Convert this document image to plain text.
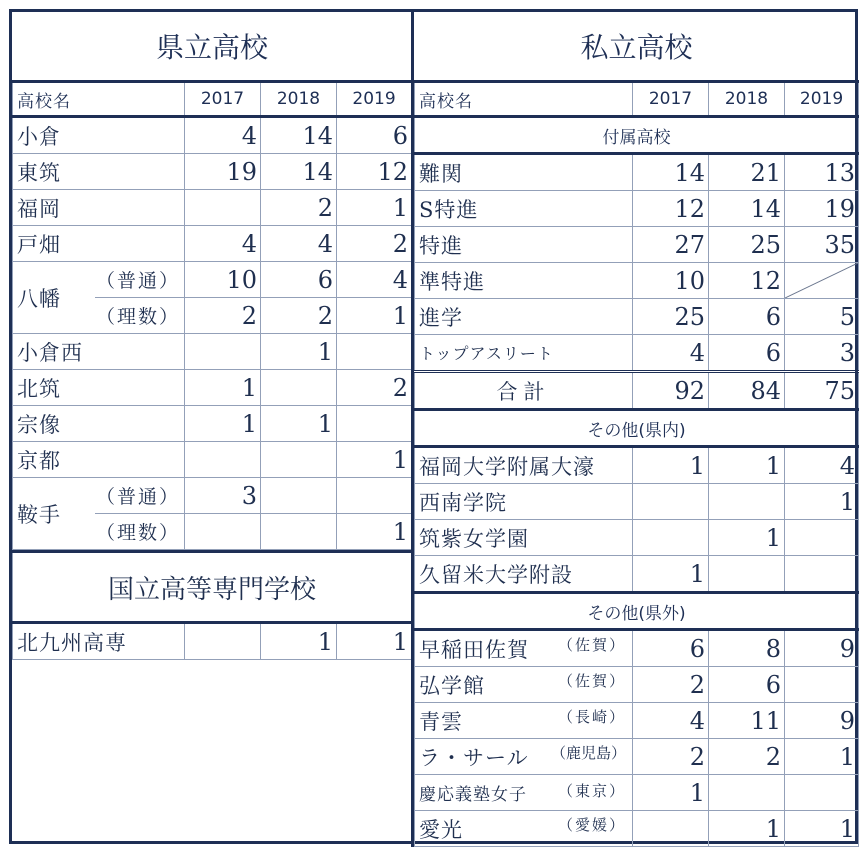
県立高校			
高校名	2017	2018	2019
小倉	4	14	6
東筑	19	14	12
福岡		2	1
戸畑	4	4	2
八幡	（普通）	10	6	4
	（理数）	2	2	1
小倉西		1	
北筑	1		2
宗像	1	1	
京都			1
鞍手	（普通）	3		
	（理数）			1
国立高等専門学校
北九州高専		1	1
私立高校			
高校名	2017	2018	2019
付属高校			
難関	14	21	13
S特進	12	14	19
特進	27	25	35
準特進	10	12	

進学	25	6	5
トップアスリート	4	6	3
合計	92	84	75
その他(県内)			
福岡大学附属大濠	1	1	4
西南学院			1
筑紫女学園		1	
久留米大学附設	1		
その他(県外)			
早稲田佐賀 （佐賀）	6	8	9
弘学館 （佐賀）	2	6	
青雲 （長崎）	4	11	9
ラ・サール （鹿児島）	2	2	1
慶応義塾女子 （東京）	1		
愛光 （愛媛）		1	1
